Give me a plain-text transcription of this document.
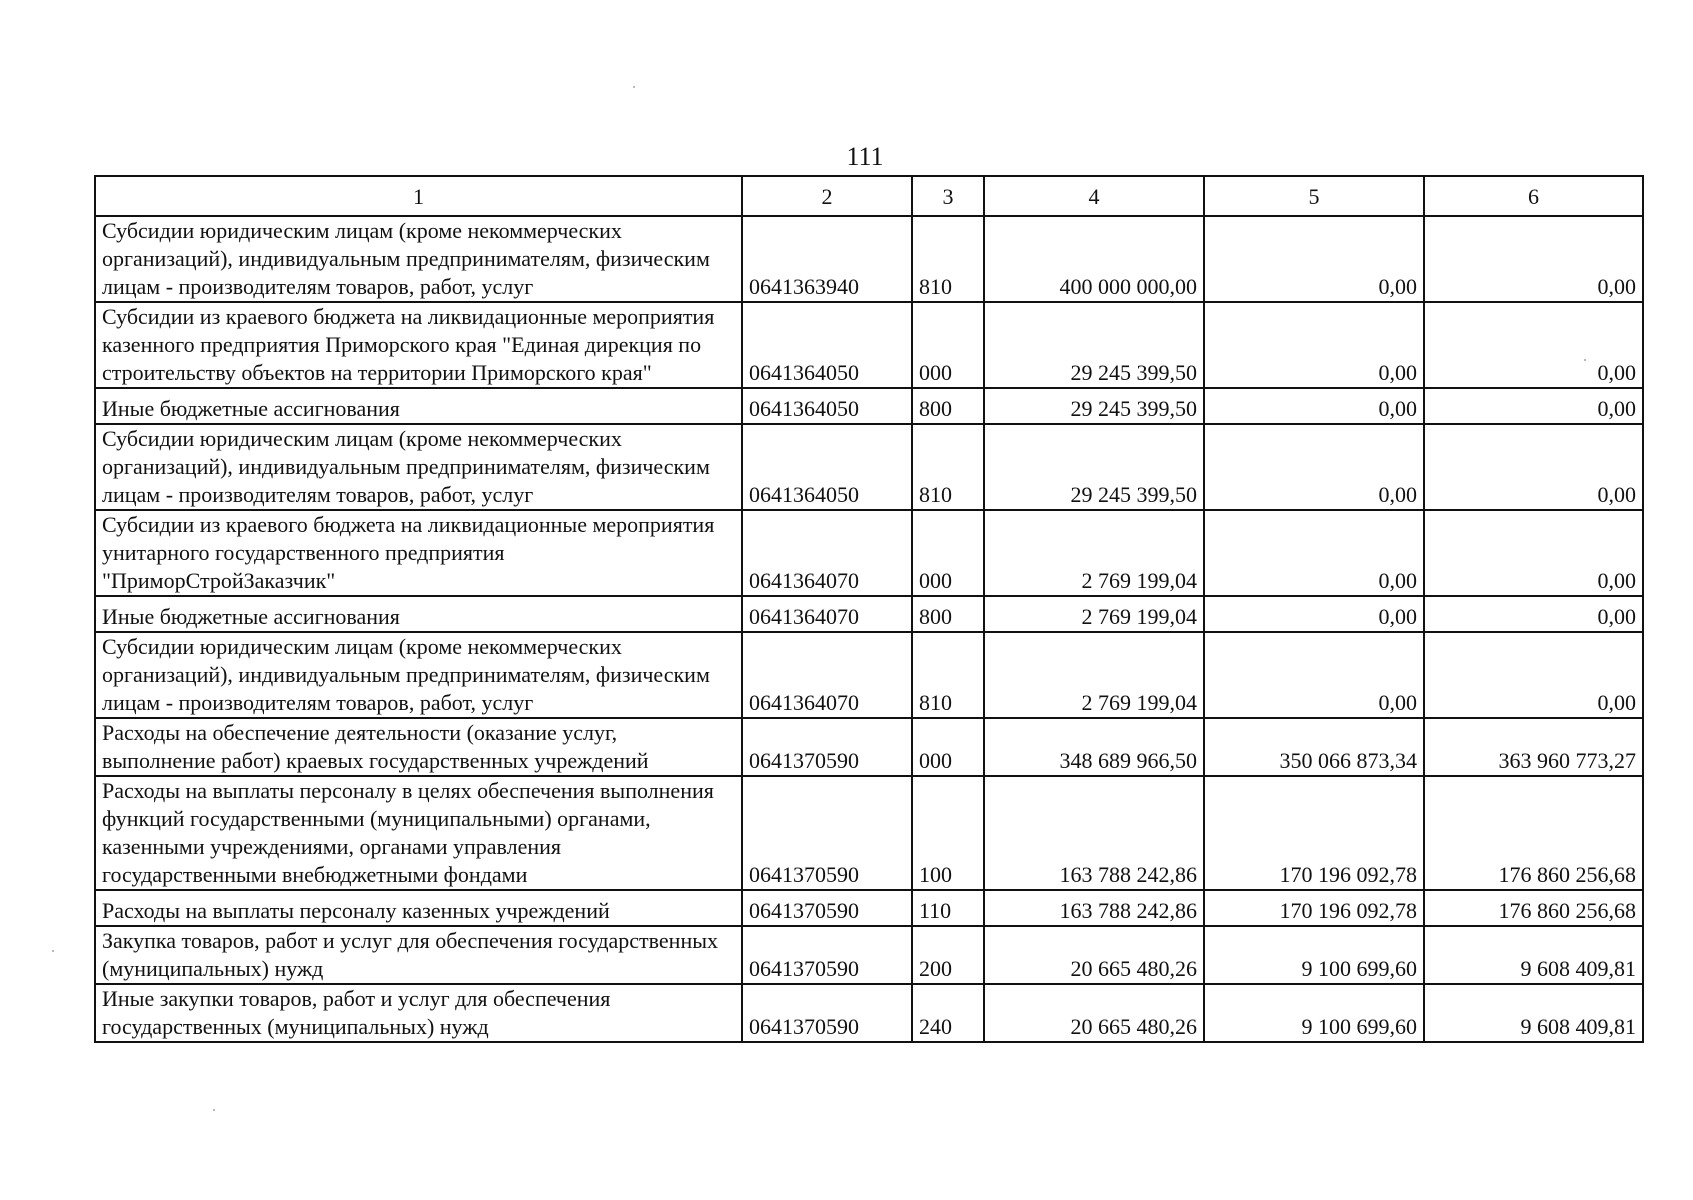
111
1	2	3	4	5	6
Субсидии юридическим лицам (кроме некоммерческих организаций), индивидуальным предпринимателям, физическим лицам - производителям товаров, работ, услуг	0641363940	810	400 000 000,00	0,00	0,00
Субсидии из краевого бюджета на ликвидационные мероприятия казенного предприятия Приморского края "Единая дирекция по строительству объектов на территории Приморского края"	0641364050	000	29 245 399,50	0,00	0,00
Иные бюджетные ассигнования	0641364050	800	29 245 399,50	0,00	0,00
Субсидии юридическим лицам (кроме некоммерческих организаций), индивидуальным предпринимателям, физическим лицам - производителям товаров, работ, услуг	0641364050	810	29 245 399,50	0,00	0,00
Субсидии из краевого бюджета на ликвидационные мероприятия унитарного государственного предприятия "ПриморСтройЗаказчик"	0641364070	000	2 769 199,04	0,00	0,00
Иные бюджетные ассигнования	0641364070	800	2 769 199,04	0,00	0,00
Субсидии юридическим лицам (кроме некоммерческих организаций), индивидуальным предпринимателям, физическим лицам - производителям товаров, работ, услуг	0641364070	810	2 769 199,04	0,00	0,00
Расходы на обеспечение деятельности (оказание услуг, выполнение работ) краевых государственных учреждений	0641370590	000	348 689 966,50	350 066 873,34	363 960 773,27
Расходы на выплаты персоналу в целях обеспечения выполнения функций государственными (муниципальными) органами, казенными учреждениями, органами управления государственными внебюджетными фондами	0641370590	100	163 788 242,86	170 196 092,78	176 860 256,68
Расходы на выплаты персоналу казенных учреждений	0641370590	110	163 788 242,86	170 196 092,78	176 860 256,68
Закупка товаров, работ и услуг для обеспечения государственных (муниципальных) нужд	0641370590	200	20 665 480,26	9 100 699,60	9 608 409,81
Иные закупки товаров, работ и услуг для обеспечения государственных (муниципальных) нужд	0641370590	240	20 665 480,26	9 100 699,60	9 608 409,81
